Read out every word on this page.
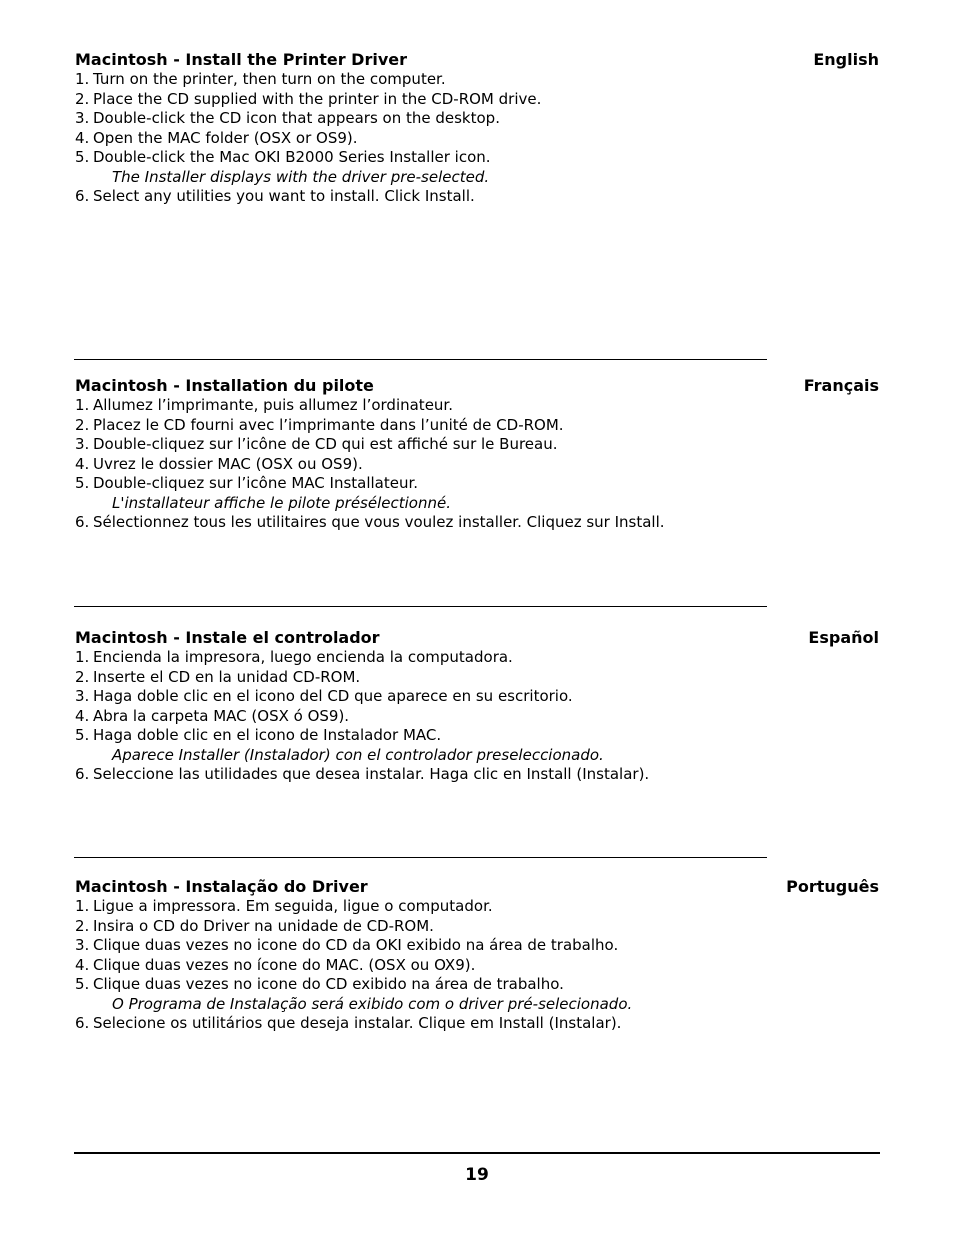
Macintosh - Install the Printer Driver	English
1. Turn on the printer, then turn on the computer.
2. Place the CD supplied with the printer in the CD-ROM drive.
3. Double-click the CD icon that appears on the desktop.
4. Open the MAC folder (OSX or OS9).
5. Double-click the Mac OKI B2000 Series Installer icon.
The Installer displays with the driver pre-selected.
6. Select any utilities you want to install. Click Install.
Macintosh - Installation du pilote	Français
1. Allumez l’imprimante, puis allumez l’ordinateur.
2. Placez le CD fourni avec l’imprimante dans l’unité de CD-ROM.
3. Double-cliquez sur l’icône de CD qui est affiché sur le Bureau.
4. Uvrez le dossier MAC (OSX ou OS9).
5. Double-cliquez sur l’icône MAC Installateur.
L'installateur affiche le pilote présélectionné.
6. Sélectionnez tous les utilitaires que vous voulez installer. Cliquez sur Install.
Macintosh - Instale el controlador	Español
1. Encienda la impresora, luego encienda la computadora.
2. Inserte el CD en la unidad CD-ROM.
3. Haga doble clic en el icono del CD que aparece en su escritorio.
4. Abra la carpeta MAC (OSX ó OS9).
5. Haga doble clic en el icono de Instalador MAC.
Aparece Installer (Instalador) con el controlador preseleccionado.
6. Seleccione las utilidades que desea instalar. Haga clic en Install (Instalar).
Macintosh - Instalação do Driver	Português
1. Ligue a impressora. Em seguida, ligue o computador.
2. Insira o CD do Driver na unidade de CD-ROM.
3. Clique duas vezes no icone do CD da OKI exibido na área de trabalho.
4. Clique duas vezes no ícone do MAC. (OSX ou OX9).
5. Clique duas vezes no icone do CD exibido na área de trabalho.
O Programa de Instalação será exibido com o driver pré-selecionado.
6. Selecione os utilitários que deseja instalar. Clique em Install (Instalar).
19
